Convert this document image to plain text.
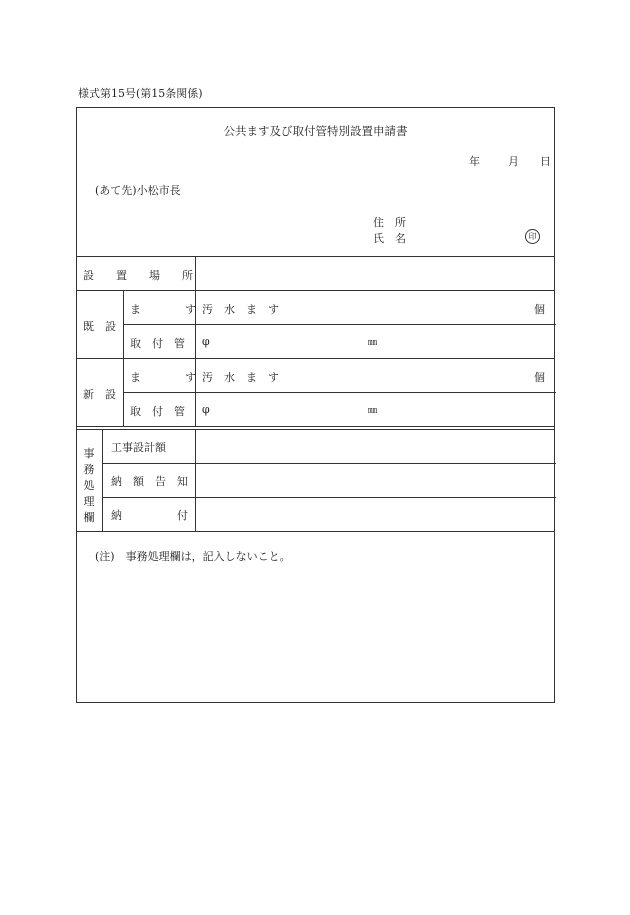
様式第15号(第15条関係)
公共ます及び取付管特別設置申請書
年	月 日
(あて先)小松市長
住　所
氏　名	印
設　　置　　場　　所
既　設
ま　　　　す 汚　水　ま　す	個
取　付　管 φ	㎜
新　設
ま　　　　す 汚　水　ま　す	個
取　付　管 φ	㎜
事
務
処
理
欄
工事設計額
納　額　告　知
納　　　　　付
(注)　事務処理欄は，記入しないこと。
